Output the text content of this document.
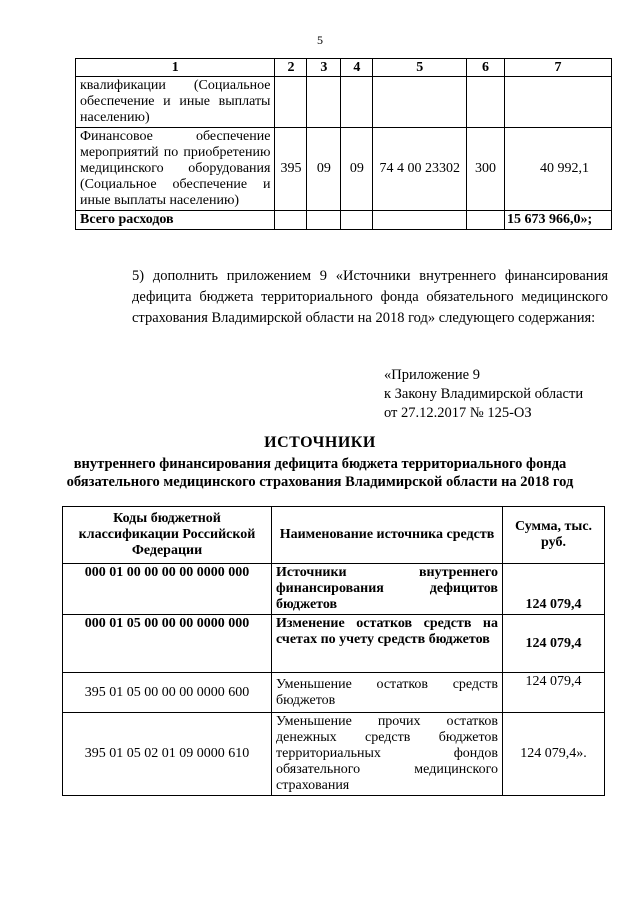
5
1	2	3	4	5	6	7
квалификации (Социальное обеспечение и иные выплаты населению)						
Финансовое обеспечение мероприятий по приобретению медицинского оборудования (Социальное обеспечение и иные выплаты населению)	395	09	09	74 4 00 23302	300	40 992,1
Всего расходов						15 673 966,0»;
5) дополнить приложением 9 «Источники внутреннего финансирования дефицита бюджета территориального фонда обязательного медицинского страхования Владимирской области на 2018 год» следующего содержания:
«Приложение 9
к Закону Владимирской области
от 27.12.2017 № 125-ОЗ
ИСТОЧНИКИ
внутреннего финансирования дефицита бюджета территориального фонда
обязательного медицинского страхования Владимирской области на 2018 год
Коды бюджетной классификации Российской Федерации	Наименование источника средств	Сумма, тыс. руб.
000 01 00 00 00 00 0000 000	Источники внутреннего финансирования дефицитов бюджетов	124 079,4
000 01 05 00 00 00 0000 000	Изменение остатков средств на счетах по учету средств бюджетов	124 079,4
395 01 05 00 00 00 0000 600	Уменьшение остатков средств бюджетов	124 079,4
395 01 05 02 01 09 0000 610	Уменьшение прочих остатков денежных средств бюджетов территориальных фондов обязательного медицинского страхования	124 079,4».
